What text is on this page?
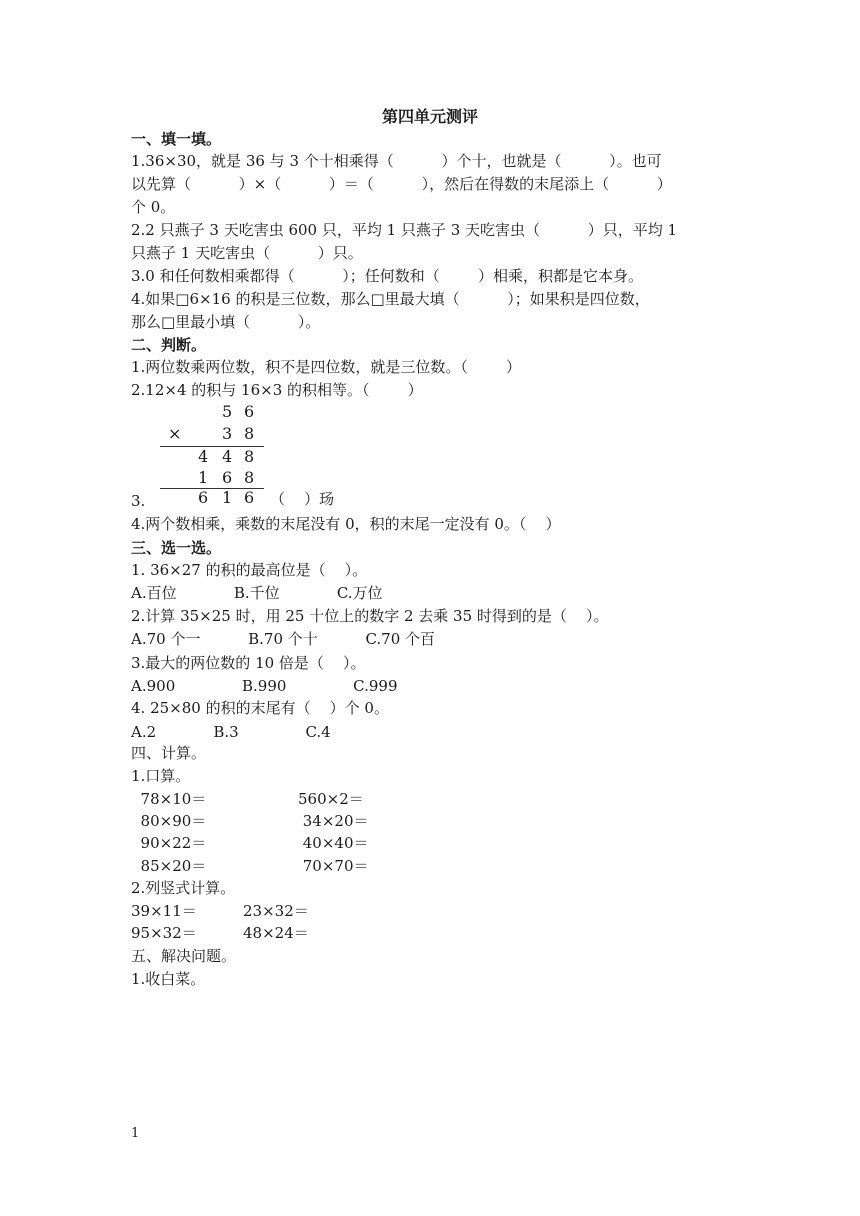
第四单元测评
一、填一填。
1.36×30，就是 36 与 3 个十相乘得（          ）个十，也就是（          ）。也可
以先算（          ）×（          ）＝（          ），然后在得数的末尾添上（          ）
个 0。
2.2 只燕子 3 天吃害虫 600 只，平均 1 只燕子 3 天吃害虫（          ）只，平均 1
只燕子 1 天吃害虫（          ）只。
3.0 和任何数相乘都得（          ）；任何数和（        ）相乘，积都是它本身。
4.如果□6×16 的积是三位数，那么□里最大填（          ）；如果积是四位数，
那么□里最小填（          ）。
二、判断。
1.两位数乘两位数，积不是四位数，就是三位数。（        ）
2.12×4 的积与 16×3 的积相等。（        ）
5 6
×	3 8
4 4 8
1 6 8
6 1 6
3.	（    ）玚
4.两个数相乘，乘数的末尾没有 0，积的末尾一定没有 0。（    ）
三、选一选。
1. 36×27 的积的最高位是（    ）。
A.百位            B.千位            C.万位
2.计算 35×25 时，用 25 十位上的数字 2 去乘 35 时得到的是（    ）。
A.70 个一          B.70 个十          C.70 个百
3.最大的两位数的 10 倍是（    ）。
A.900              B.990              C.999
4. 25×80 的积的末尾有（    ）个 0。
A.2            B.3              C.4
四、计算。
1.口算。
78×10＝	560×2＝
80×90＝	34×20＝
90×22＝	40×40＝
85×20＝	70×70＝
2.列竖式计算。
39×11＝	23×32＝
95×32＝	48×24＝
五、解决问题。
1.收白菜。
1
